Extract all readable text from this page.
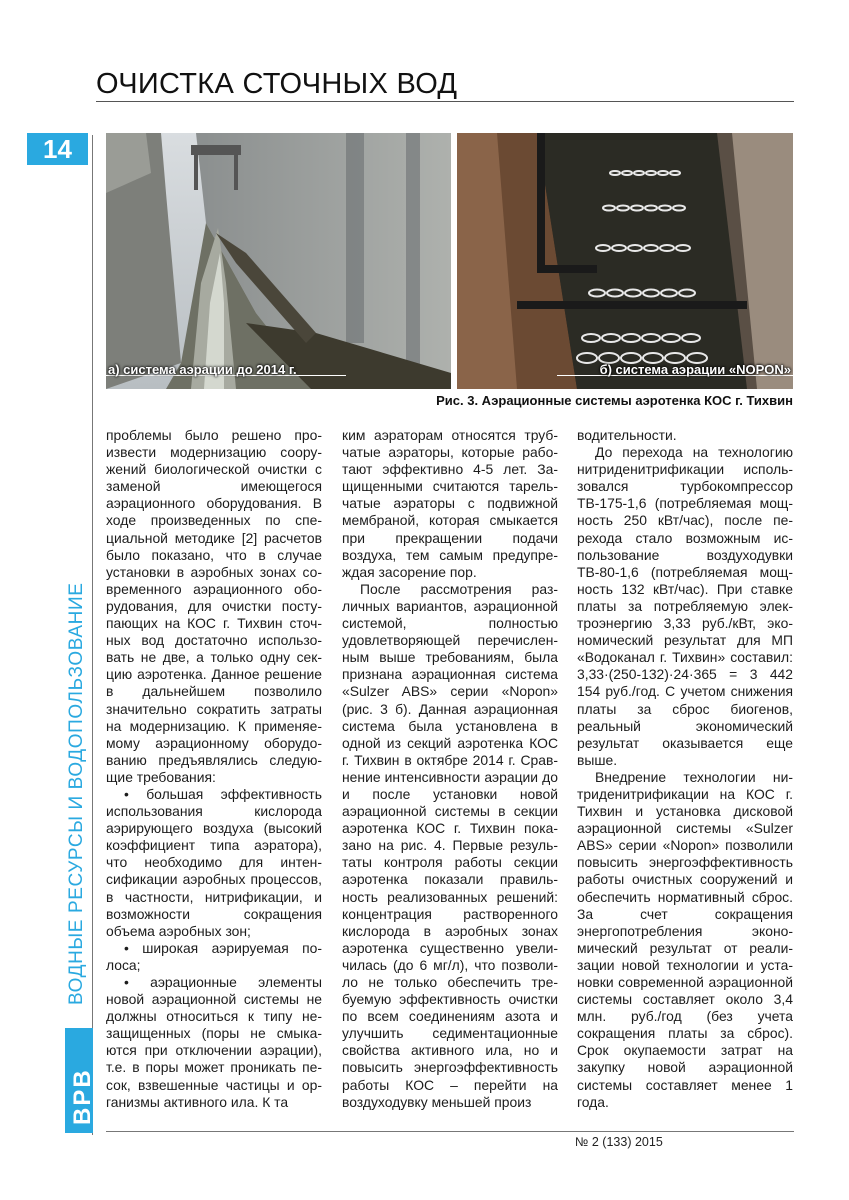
ОЧИСТКА СТОЧНЫХ ВОД
14
ВОДНЫЕ РЕСУРСЫ И ВОДОПОЛЬЗОВАНИЕ
ВРВ
а) система аэрации до 2014 г.	б) система аэрации «NOPON»
Рис. 3. Аэрационные системы аэротенка КОС г. Тихвин

проблемы было решено произвести модернизацию сооружений биологической очистки с заменой имеющегося аэрационного оборудования. В ходе произведенных по специальной методике [2] расчетов было показано, что в случае установки в аэробных зонах современного аэрационного оборудования, для очистки поступающих на КОС г. Тихвин сточных вод достаточно использовать не две, а только одну секцию аэротенка. Данное решение в дальнейшем позволило значительно сократить затраты на модернизацию. К применяемому аэрационному оборудованию предъявлялись следующие требования:

• большая эффективность использования кислорода аэрирующего воздуха (высокий коэффициент типа аэратора), что необходимо для интенсификации аэробных процессов, в частности, нитрификации, и возможности сокращения объема аэробных зон;

• широкая аэрируемая полоса;

• аэрационные элементы новой аэрационной системы не должны относиться к типу незащищенных (поры не смыкаются при отключении аэрации), т.е. в поры может проникать песок, взвешенные частицы и организмы активного ила. К та

ким аэраторам относятся трубчатые аэраторы, которые работают эффективно 4-5 лет. Защищенными считаются тарельчатые аэраторы с подвижной мембраной, которая смыкается при прекращении подачи воздуха, тем самым предупреждая засорение пор.

После рассмотрения различных вариантов, аэрационной системой, полностью удовлетворяющей перечисленным выше требованиям, была признана аэрационная система «Sulzer ABS» серии «Nopon» (рис. 3 б). Данная аэрационная система была установлена в одной из секций аэротенка КОС г. Тихвин в октябре 2014 г. Сравнение интенсивности аэрации до и после установки новой аэрационной системы в секции аэротенка КОС г. Тихвин показано на рис. 4. Первые результаты контроля работы секции аэротенка показали правильность реализованных решений: концентрация растворенного кислорода в аэробных зонах аэротенка существенно увеличилась (до 6 мг/л), что позволило не только обеспечить требуемую эффективность очистки по всем соединениям азота и улучшить седиментационные свойства активного ила, но и повысить энергоэффективность работы КОС – перейти на воздуходувку меньшей произ

водительности.

До перехода на технологию нитриденитрификации использовался турбокомпрессор ТВ-175-1,6 (потребляемая мощность 250 кВт/час), после перехода стало возможным использование воздуходувки ТВ-80-1,6 (потребляемая мощность 132 кВт/час). При ставке платы за потребляемую электроэнергию 3,33 руб./кВт, экономический результат для МП «Водоканал г. Тихвин» составил: 3,33·(250-132)·24·365 = 3 442 154 руб./год. С учетом снижения платы за сброс биогенов, реальный экономический результат оказывается еще выше.

Внедрение технологии нитриденитрификации на КОС г. Тихвин и установка дисковой аэрационной системы «Sulzer ABS» серии «Nopon» позволили повысить энергоэффективность работы очистных сооружений и обеспечить нормативный сброс. За счет сокращения энергопотребления экономический результат от реализации новой технологии и установки современной аэрационной системы составляет около 3,4 млн. руб./год (без учета сокращения платы за сброс). Срок окупаемости затрат на закупку новой аэрационной системы составляет менее 1 года.

№ 2 (133) 2015
